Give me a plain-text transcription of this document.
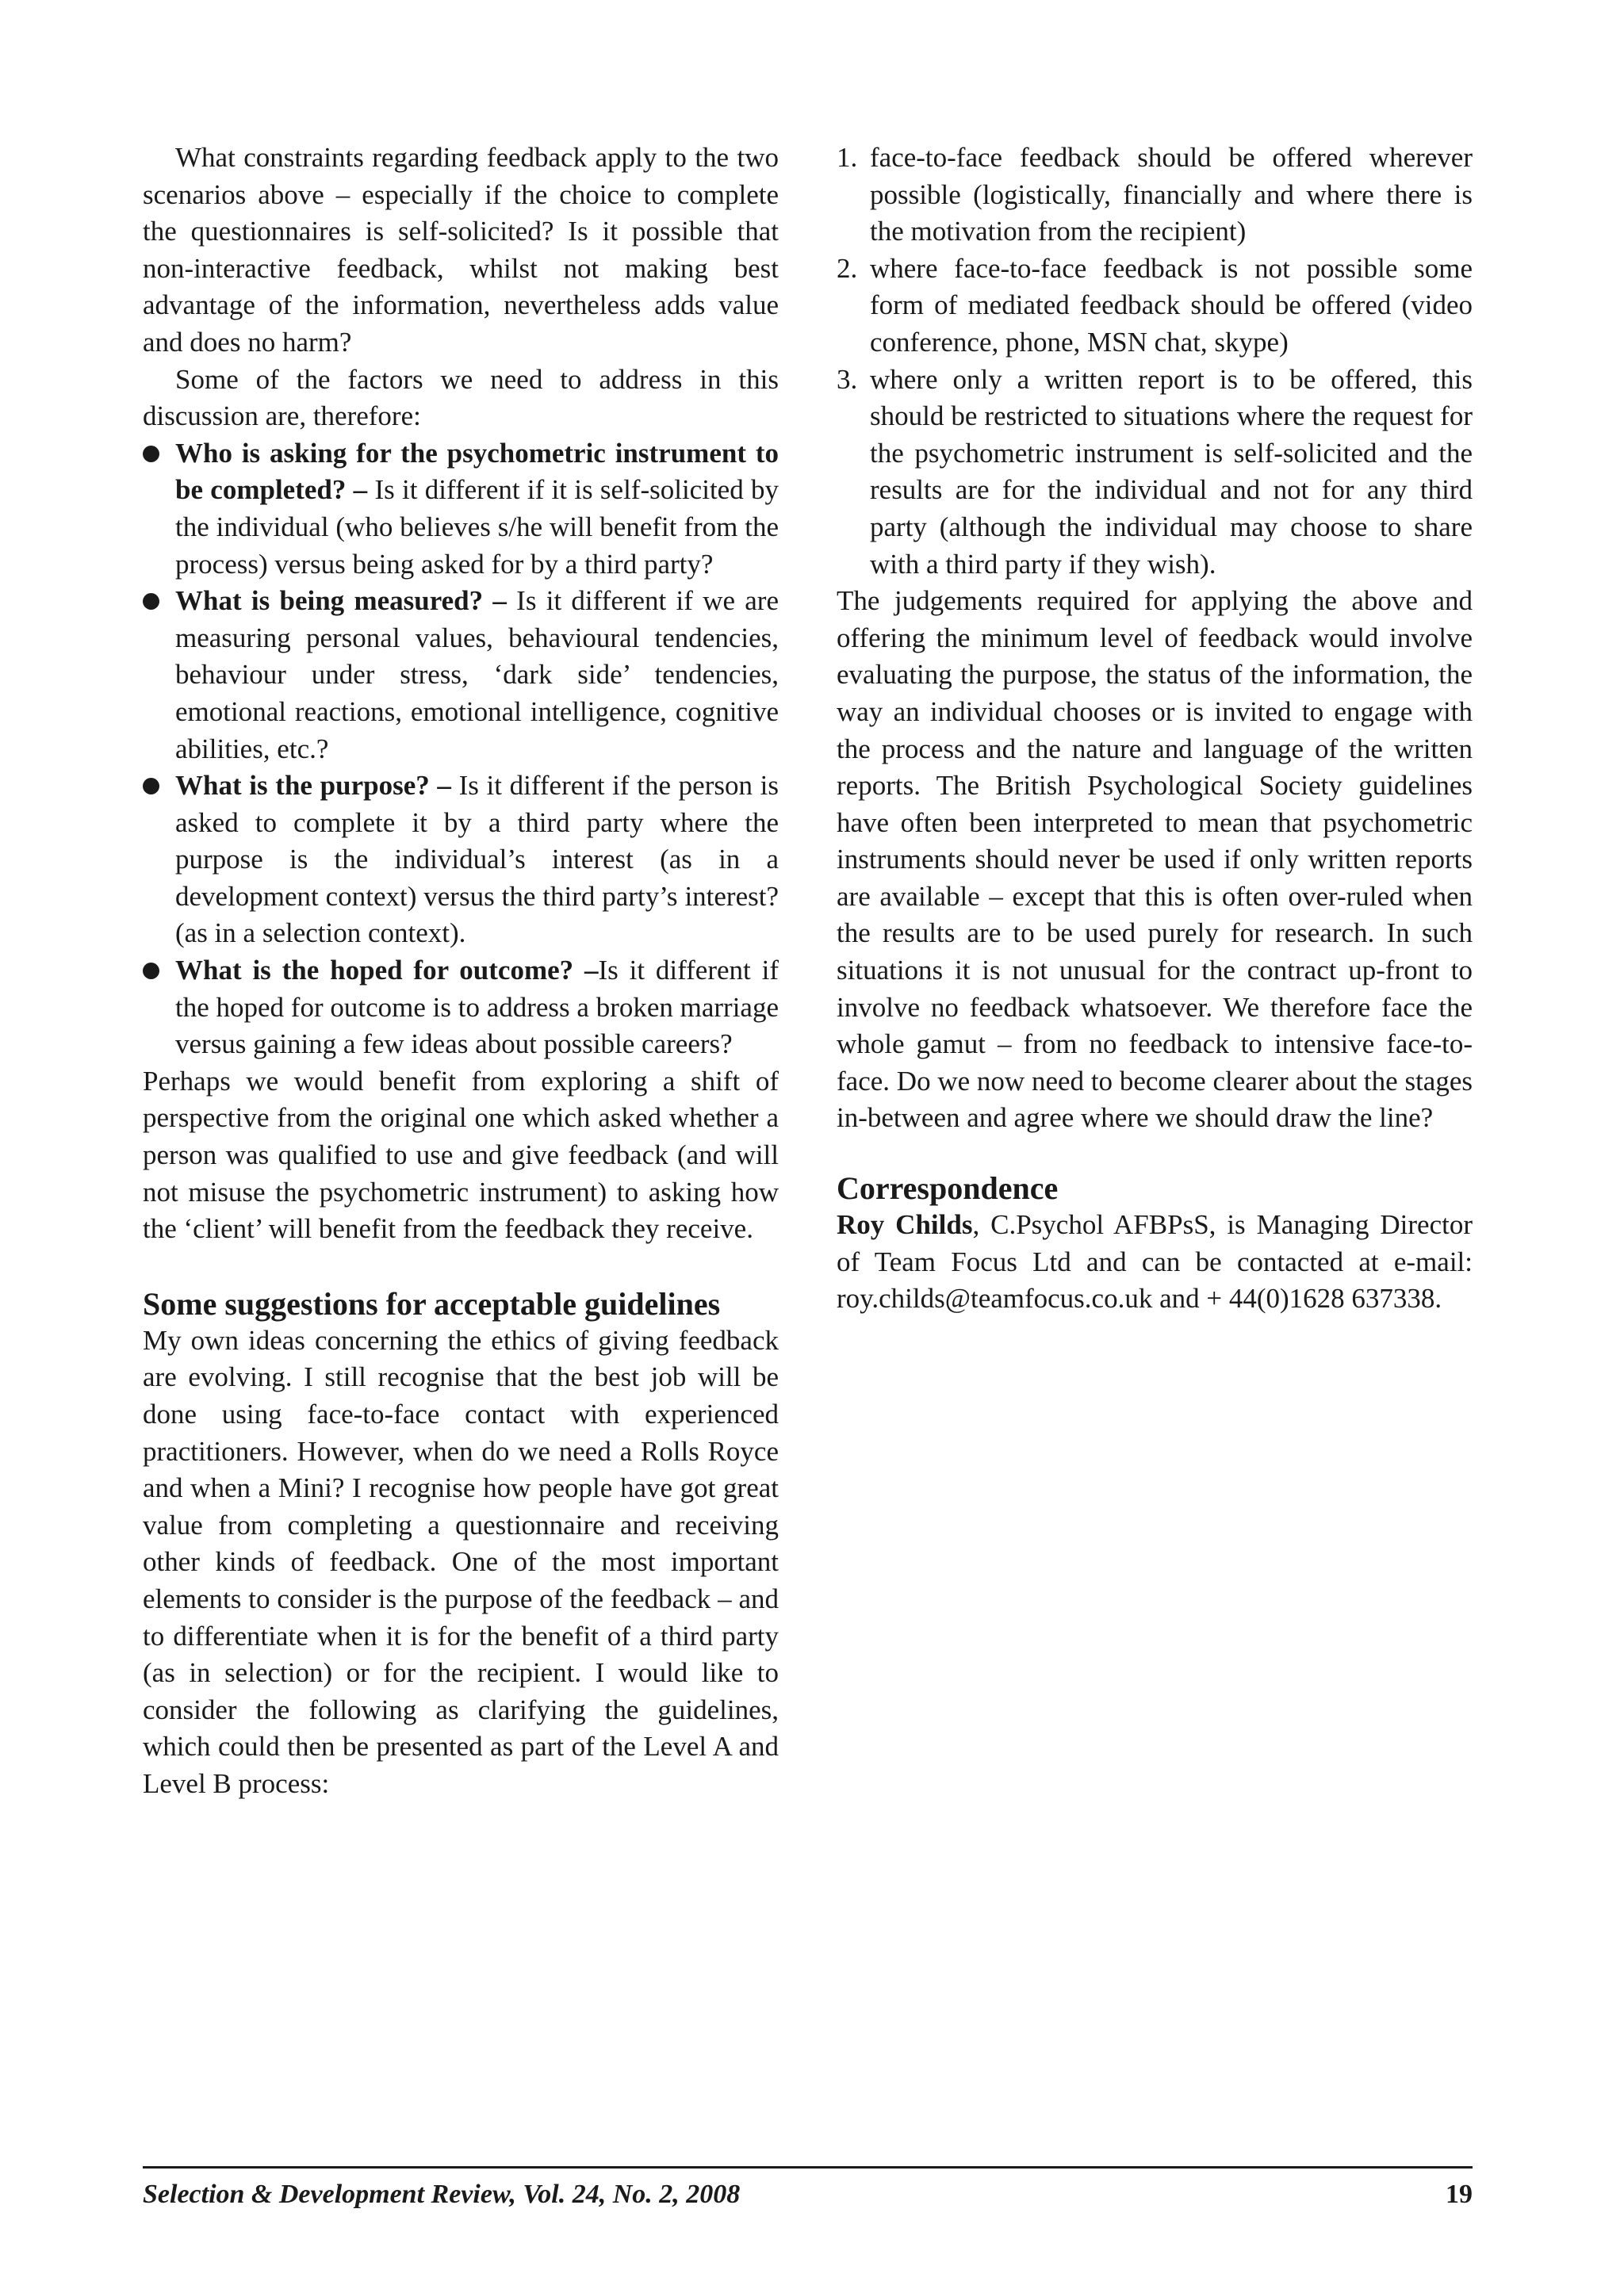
What constraints regarding feedback apply to the two scenarios above – especially if the choice to complete the questionnaires is self-solicited? Is it possible that non-interactive feedback, whilst not making best advantage of the information, nevertheless adds value and does no harm?

Some of the factors we need to address in this discussion are, therefore:

Who is asking for the psychometric instrument to be completed? – Is it different if it is self-solicited by the individual (who believes s/he will benefit from the process) versus being asked for by a third party?
What is being measured? – Is it different if we are measuring personal values, behavioural tendencies, behaviour under stress, ‘dark side’ tendencies, emotional reactions, emotional intelligence, cognitive abilities, etc.?
What is the purpose? – Is it different if the person is asked to complete it by a third party where the purpose is the individual’s interest (as in a development context) versus the third party’s interest?(as in a selection context).
What is the hoped for outcome? –Is it different if the hoped for outcome is to address a broken marriage versus gaining a few ideas about possible careers?

Perhaps we would benefit from exploring a shift of perspective from the original one which asked whether a person was qualified to use and give feedback (and will not misuse the psychometric instrument) to asking how the ‘client’ will benefit from the feedback they receive.

Some suggestions for acceptable guidelines

My own ideas concerning the ethics of giving feedback are evolving. I still recognise that the best job will be done using face-to-face contact with experienced practitioners. However, when do we need a Rolls Royce and when a Mini? I recognise how people have got great value from completing a questionnaire and receiving other kinds of feedback. One of the most important elements to consider is the purpose of the feedback – and to differentiate when it is for the benefit of a third party (as in selection) or for the recipient. I would like to consider the following as clarifying the guidelines, which could then be presented as part of the Level A and Level B process:

1. face-to-face feedback should be offered wherever possible (logistically, financially and where there is the motivation from the recipient)
2. where face-to-face feedback is not possible some form of mediated feedback should be offered (video conference, phone, MSN chat, skype)
3. where only a written report is to be offered, this should be restricted to situations where the request for the psychometric instrument is self-solicited and the results are for the individual and not for any third party (although the individual may choose to share with a third party if they wish).

The judgements required for applying the above and offering the minimum level of feedback would involve evaluating the purpose, the status of the information, the way an individual chooses or is invited to engage with the process and the nature and language of the written reports. The British Psychological Society guidelines have often been interpreted to mean that psychometric instruments should never be used if only written reports are available – except that this is often over-ruled when the results are to be used purely for research. In such situations it is not unusual for the contract up-front to involve no feedback whatsoever. We therefore face the whole gamut – from no feedback to intensive face-to-face. Do we now need to become clearer about the stages in-between and agree where we should draw the line?

Correspondence

Roy Childs, C.Psychol AFBPsS, is Managing Director of Team Focus Ltd and can be contacted at e-mail: roy.childs@teamfocus.co.uk and + 44(0)1628 637338.

Selection & Development Review, Vol. 24, No. 2, 2008	19
